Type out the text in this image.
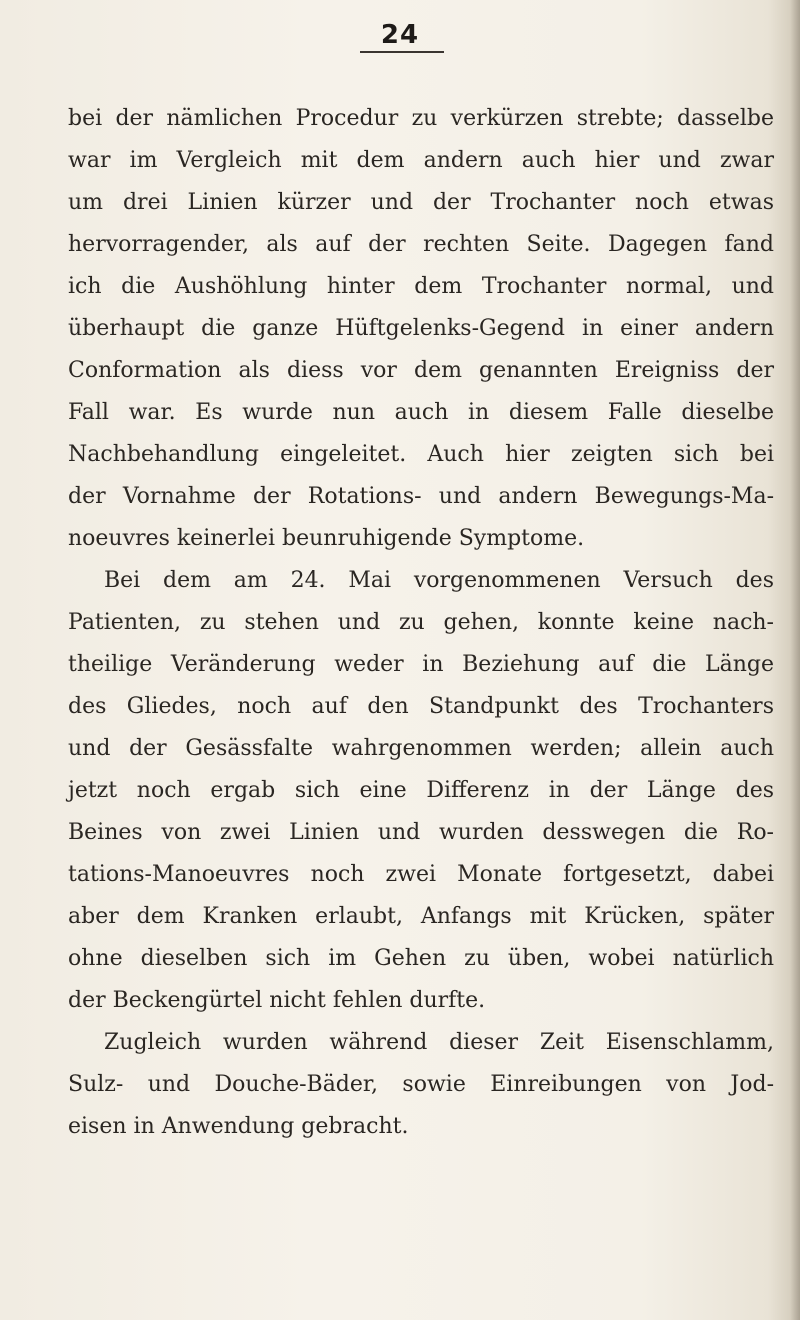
24
bei der nämlichen Procedur zu verkürzen strebte; dasselbe
war im Vergleich mit dem andern auch hier und zwar
um drei Linien kürzer und der Trochanter noch etwas
hervorragender, als auf der rechten Seite. Dagegen fand
ich die Aushöhlung hinter dem Trochanter normal, und
überhaupt die ganze Hüftgelenks-Gegend in einer andern
Conformation als diess vor dem genannten Ereigniss der
Fall war. Es wurde nun auch in diesem Falle dieselbe
Nachbehandlung eingeleitet. Auch hier zeigten sich bei
der Vornahme der Rotations- und andern Bewegungs-Ma-
noeuvres keinerlei beunruhigende Symptome.
Bei dem am 24. Mai vorgenommenen Versuch des
Patienten, zu stehen und zu gehen, konnte keine nach-
theilige Veränderung weder in Beziehung auf die Länge
des Gliedes, noch auf den Standpunkt des Trochanters
und der Gesässfalte wahrgenommen werden; allein auch
jetzt noch ergab sich eine Differenz in der Länge des
Beines von zwei Linien und wurden desswegen die Ro-
tations-Manoeuvres noch zwei Monate fortgesetzt, dabei
aber dem Kranken erlaubt, Anfangs mit Krücken, später
ohne dieselben sich im Gehen zu üben, wobei natürlich
der Beckengürtel nicht fehlen durfte.
Zugleich wurden während dieser Zeit Eisenschlamm,
Sulz- und Douche-Bäder, sowie Einreibungen von Jod-
eisen in Anwendung gebracht.
